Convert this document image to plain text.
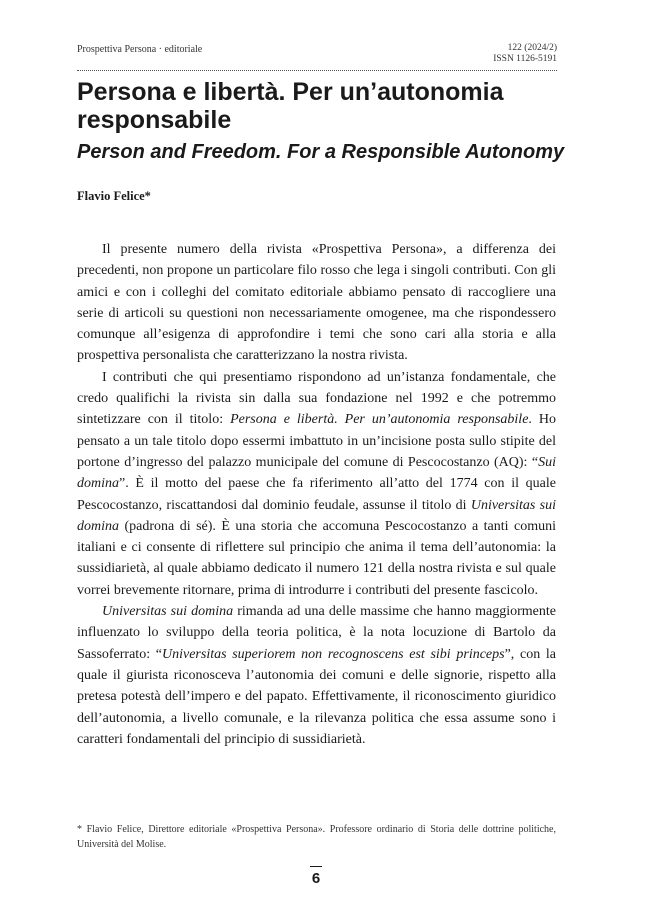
Prospettiva Persona · editoriale	122 (2024/2)
ISSN 1126-5191
Persona e libertà. Per un’autonomia responsabile
Person and Freedom. For a Responsible Autonomy
Flavio Felice*

Il presente numero della rivista «Prospettiva Persona», a differenza dei precedenti, non propone un particolare filo rosso che lega i singoli contributi. Con gli amici e con i colleghi del comitato editoriale abbiamo pensato di raccogliere una serie di articoli su questioni non necessariamente omogenee, ma che rispondessero comunque all’esigenza di approfondire i temi che sono cari alla storia e alla prospettiva personalista che caratterizzano la nostra rivista.

I contributi che qui presentiamo rispondono ad un’istanza fondamentale, che credo qualifichi la rivista sin dalla sua fondazione nel 1992 e che potremmo sintetizzare con il titolo: Persona e libertà. Per un’autonomia responsabile. Ho pensato a un tale titolo dopo essermi imbattuto in un’incisione posta sullo stipite del portone d’ingresso del palazzo municipale del comune di Pescocostanzo (AQ): “Sui domina”. È il motto del paese che fa riferimento all’atto del 1774 con il quale Pescocostanzo, riscattandosi dal dominio feudale, assunse il titolo di Universitas sui domina (padrona di sé). È una storia che accomuna Pescocostanzo a tanti comuni italiani e ci consente di riflettere sul principio che anima il tema dell’autonomia: la sussidiarietà, al quale abbiamo dedicato il numero 121 della nostra rivista e sul quale vorrei brevemente ritornare, prima di introdurre i contributi del presente fascicolo.

Universitas sui domina rimanda ad una delle massime che hanno maggiormente influenzato lo sviluppo della teoria politica, è la nota locuzione di Bartolo da Sassoferrato: “Universitas superiorem non recognoscens est sibi princeps”, con la quale il giurista riconosceva l’autonomia dei comuni e delle signorie, rispetto alla pretesa potestà dell’impero e del papato. Effettivamente, il riconoscimento giuridico dell’autonomia, a livello comunale, e la rilevanza politica che essa assume sono i caratteri fondamentali del principio di sussidiarietà.

* Flavio Felice, Direttore editoriale «Prospettiva Persona». Professore ordinario di Storia delle dottrine politiche, Università del Molise.
6
